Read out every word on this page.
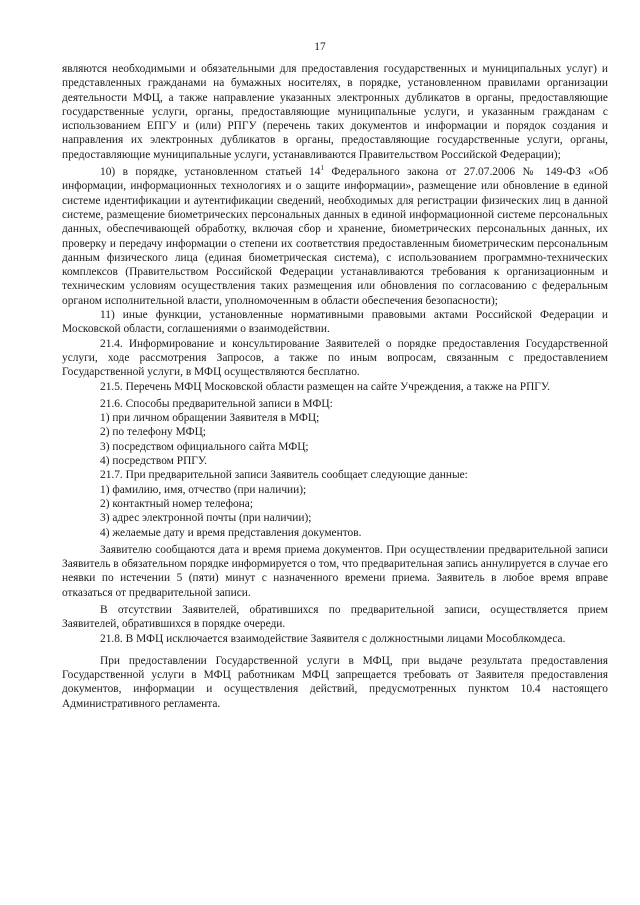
17

являются необходимыми и обязательными для предоставления государственных и муниципальных услуг) и представленных гражданами на бумажных носителях, в порядке, установленном правилами организации деятельности МФЦ, а также направление указанных электронных дубликатов в органы, предоставляющие государственные услуги, органы, предоставляющие муниципальные услуги, и указанным гражданам с использованием ЕПГУ и (или) РПГУ (перечень таких документов и информации и порядок создания и направления их электронных дубликатов в органы, предоставляющие государственные услуги, органы, предоставляющие муниципальные услуги, устанавливаются Правительством Российской Федерации);

10) в порядке, установленном статьей $14^1$ Федерального закона от 27.07.2006 № 149-ФЗ «Об информации, информационных технологиях и о защите информации», размещение или обновление в единой системе идентификации и аутентификации сведений, необходимых для регистрации физических лиц в данной системе, размещение биометрических персональных данных в единой информационной системе персональных данных, обеспечивающей обработку, включая сбор и хранение, биометрических персональных данных, их проверку и передачу информации о степени их соответствия предоставленным биометрическим персональным данным физического лица (единая биометрическая система), с использованием программно-технических комплексов (Правительством Российской Федерации устанавливаются требования к организационным и техническим условиям осуществления таких размещения или обновления по согласованию с федеральным органом исполнительной власти, уполномоченным в области обеспечения безопасности);

11) иные функции, установленные нормативными правовыми актами Российской Федерации и Московской области, соглашениями о взаимодействии.

21.4. Информирование и консультирование Заявителей о порядке предоставления Государственной услуги, ходе рассмотрения Запросов, а также по иным вопросам, связанным с предоставлением Государственной услуги, в МФЦ осуществляются бесплатно.

21.5. Перечень МФЦ Московской области размещен на сайте Учреждения, а также на РПГУ.

21.6. Способы предварительной записи в МФЦ:

1) при личном обращении Заявителя в МФЦ;

2) по телефону МФЦ;

3) посредством официального сайта МФЦ;

4) посредством РПГУ.

21.7. При предварительной записи Заявитель сообщает следующие данные:

1) фамилию, имя, отчество (при наличии);

2) контактный номер телефона;

3) адрес электронной почты (при наличии);

4) желаемые дату и время представления документов.

Заявителю сообщаются дата и время приема документов. При осуществлении предварительной записи Заявитель в обязательном порядке информируется о том, что предварительная запись аннулируется в случае его неявки по истечении 5 (пяти) минут с назначенного времени приема. Заявитель в любое время вправе отказаться от предварительной записи.

В отсутствии Заявителей, обратившихся по предварительной записи, осуществляется прием Заявителей, обратившихся в порядке очереди.

21.8. В МФЦ исключается взаимодействие Заявителя с должностными лицами Мособлкомдеса.

При предоставлении Государственной услуги в МФЦ, при выдаче результата предоставления Государственной услуги в МФЦ работникам МФЦ запрещается требовать от Заявителя предоставления документов, информации и осуществления действий, предусмотренных пунктом 10.4 настоящего Административного регламента.
